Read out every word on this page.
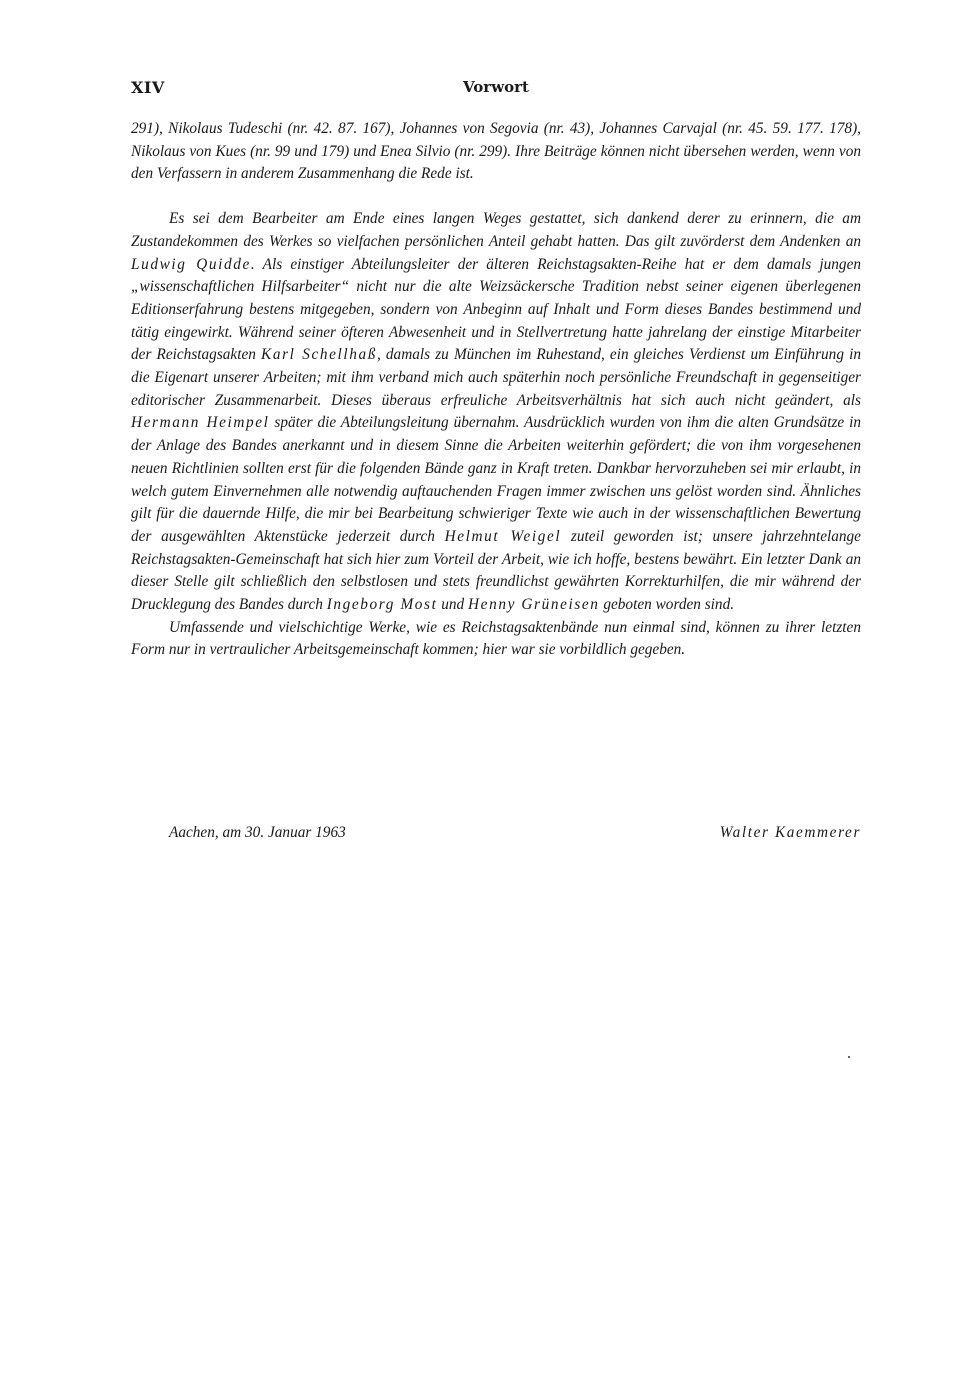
XIV	Vorwort

291), Nikolaus Tudeschi (nr. 42. 87. 167), Johannes von Segovia (nr. 43), Johannes Carvajal (nr. 45. 59. 177. 178), Nikolaus von Kues (nr. 99 und 179) und Enea Silvio (nr. 299). Ihre Beiträge können nicht übersehen werden, wenn von den Verfassern in anderem Zusammenhang die Rede ist.

Es sei dem Bearbeiter am Ende eines langen Weges gestattet, sich dankend derer zu erinnern, die am Zustandekommen des Werkes so vielfachen persönlichen Anteil gehabt hatten. Das gilt zuvörderst dem Andenken an Ludwig Quidde. Als einstiger Abteilungsleiter der älteren Reichstagsakten-Reihe hat er dem damals jungen „wissenschaftlichen Hilfsarbeiter“ nicht nur die alte Weizsäckersche Tradition nebst seiner eigenen überlegenen Editionserfahrung bestens mitgegeben, sondern von Anbeginn auf Inhalt und Form dieses Bandes bestimmend und tätig eingewirkt. Während seiner öfteren Abwesenheit und in Stellvertretung hatte jahrelang der einstige Mitarbeiter der Reichstagsakten Karl Schellhaß, damals zu München im Ruhestand, ein gleiches Verdienst um Einführung in die Eigenart unserer Arbeiten; mit ihm verband mich auch späterhin noch persönliche Freundschaft in gegenseitiger editorischer Zusammenarbeit. Dieses überaus erfreuliche Arbeitsverhältnis hat sich auch nicht geändert, als Hermann Heimpel später die Abteilungsleitung übernahm. Ausdrücklich wurden von ihm die alten Grundsätze in der Anlage des Bandes anerkannt und in diesem Sinne die Arbeiten weiterhin gefördert; die von ihm vorgesehenen neuen Richtlinien sollten erst für die folgenden Bände ganz in Kraft treten. Dankbar hervorzuheben sei mir erlaubt, in welch gutem Einvernehmen alle notwendig auftauchenden Fragen immer zwischen uns gelöst worden sind. Ähnliches gilt für die dauernde Hilfe, die mir bei Bearbeitung schwieriger Texte wie auch in der wissenschaftlichen Bewertung der ausgewählten Aktenstücke jederzeit durch Helmut Weigel zuteil geworden ist; unsere jahrzehntelange Reichstagsakten-Gemeinschaft hat sich hier zum Vorteil der Arbeit, wie ich hoffe, bestens bewährt. Ein letzter Dank an dieser Stelle gilt schließlich den selbstlosen und stets freundlichst gewährten Korrekturhilfen, die mir während der Drucklegung des Bandes durch Ingeborg Most und Henny Grüneisen geboten worden sind.

Umfassende und vielschichtige Werke, wie es Reichstagsaktenbände nun einmal sind, können zu ihrer letzten Form nur in vertraulicher Arbeitsgemeinschaft kommen; hier war sie vorbildlich gegeben.

Aachen, am 30. Januar 1963	Walter Kaemmerer
